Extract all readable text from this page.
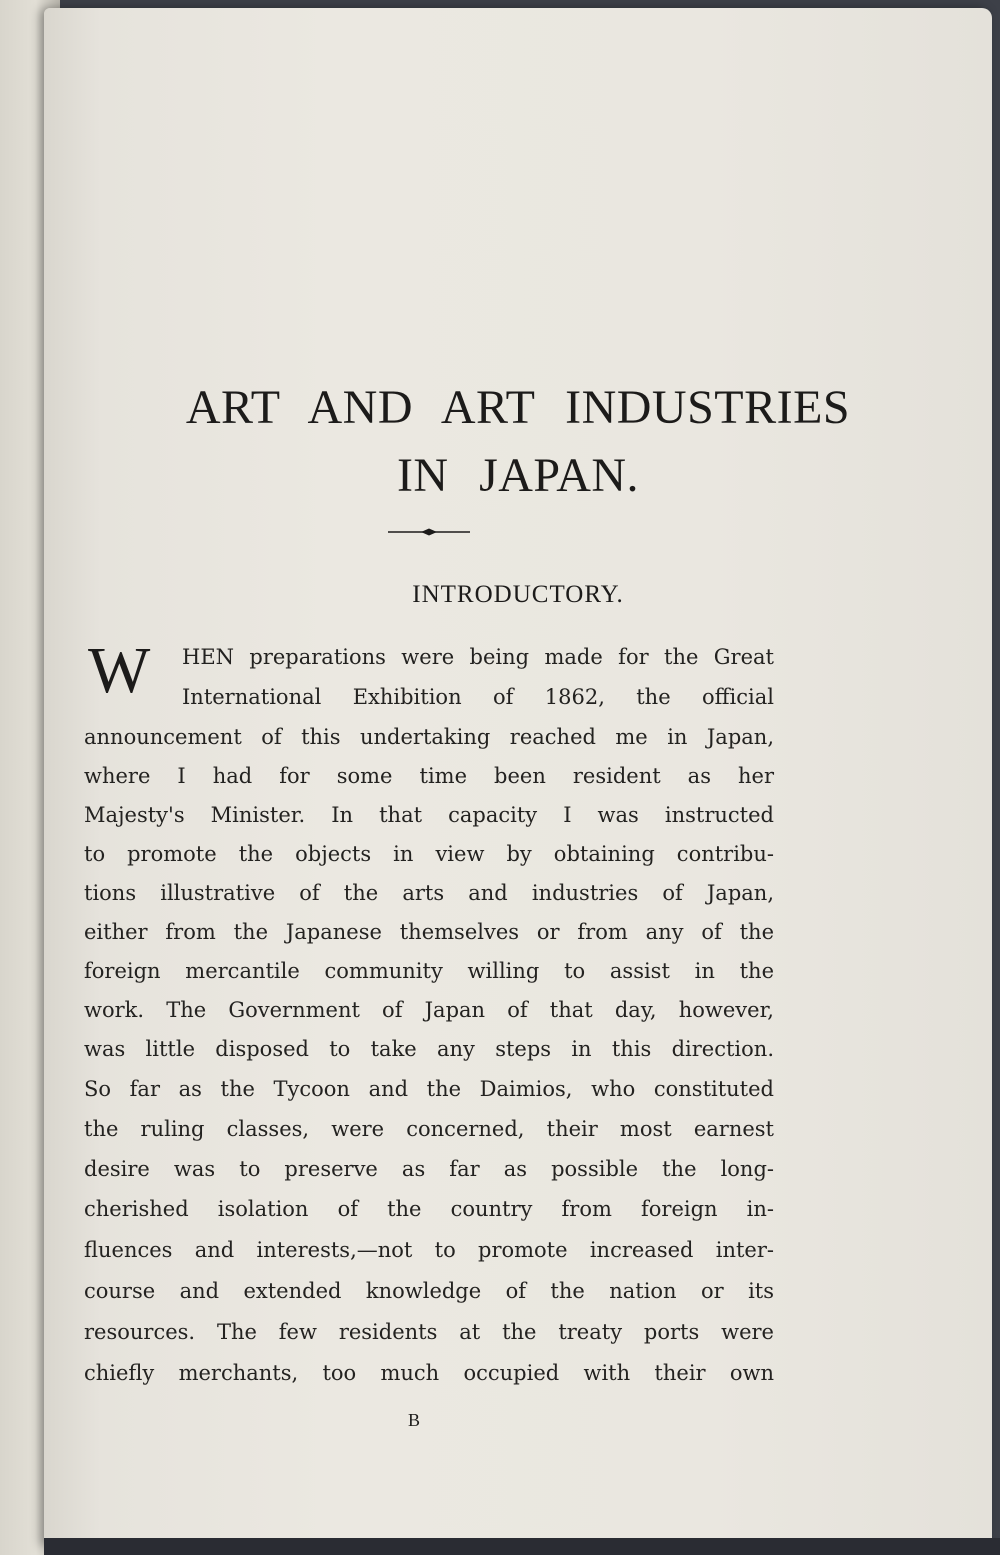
ART AND ART INDUSTRIES
IN JAPAN.
INTRODUCTORY.
W HEN preparations were being made for the Great
International Exhibition of 1862, the official
announcement of this undertaking reached me in Japan,
where I had for some time been resident as her
Majesty's Minister. In that capacity I was instructed
to promote the objects in view by obtaining contribu-
tions illustrative of the arts and industries of Japan,
either from the Japanese themselves or from any of the
foreign mercantile community willing to assist in the
work. The Government of Japan of that day, however,
was little disposed to take any steps in this direction.
So far as the Tycoon and the Daimios, who constituted
the ruling classes, were concerned, their most earnest
desire was to preserve as far as possible the long-
cherished isolation of the country from foreign in-
fluences and interests,—not to promote increased inter-
course and extended knowledge of the nation or its
resources. The few residents at the treaty ports were
chiefly merchants, too much occupied with their own
B
